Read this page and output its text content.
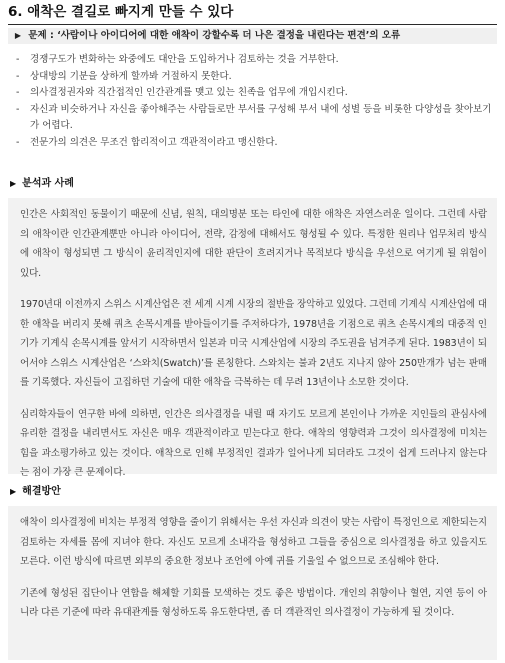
6. 애착은 결길로 빠지게 만들 수 있다
▶ 문제 : ‘사람이나 아이디어에 대한 애착이 강할수록 더 나은 결정을 내린다는 편견’의 오류
- 경쟁구도가 변화하는 와중에도 대안을 도입하거나 검토하는 것을 거부한다.
- 상대방의 기분을 상하게 할까봐 거절하지 못한다.
- 의사결정권자와 직간접적인 인간관계를 맺고 있는 친족을 업무에 개입시킨다.
- 자신과 비슷하거나 자신을 좋아해주는 사람들로만 부서를 구성해 부서 내에 성별 등을 비롯한 다양성을 찾아보기가 어렵다.
- 전문가의 의견은 무조건 합리적이고 객관적이라고 맹신한다.
▶ 분석과 사례

인간은 사회적인 동물이기 때문에 신념, 원칙, 대의명분 또는 타인에 대한 애착은 자연스러운 일이다. 그런데 사람의 애착이란 인간관계뿐만 아니라 아이디어, 전략, 감정에 대해서도 형성될 수 있다. 특정한 원리나 업무처리 방식에 애착이 형성되면 그 방식이 윤리적인지에 대한 판단이 흐려지거나 목적보다 방식을 우선으로 여기게 될 위험이 있다.

1970년대 이전까지 스위스 시계산업은 전 세계 시계 시장의 절반을 장악하고 있었다. 그런데 기계식 시계산업에 대한 애착을 버리지 못해 쿼츠 손목시계를 받아들이기를 주저하다가, 1978년을 기점으로 쿼츠 손목시계의 대중적 인기가 기계식 손목시계를 앞서기 시작하면서 일본과 미국 시계산업에 시장의 주도권을 넘겨주게 된다. 1983년이 되어서야 스위스 시계산업은 ‘스와치(Swatch)’를 론칭한다. 스와치는 불과 2년도 지나지 않아 250만개가 넘는 판매를 기록했다. 자신들이 고집하던 기술에 대한 애착을 극복하는 데 무려 13년이나 소모한 것이다.

심리학자들이 연구한 바에 의하면, 인간은 의사결정을 내릴 때 자기도 모르게 본인이나 가까운 지인들의 관심사에 유리한 결정을 내리면서도 자신은 매우 객관적이라고 믿는다고 한다. 애착의 영향력과 그것이 의사결정에 미치는 힘을 과소평가하고 있는 것이다. 애착으로 인해 부정적인 결과가 일어나게 되더라도 그것이 쉽게 드러나지 않는다는 점이 가장 큰 문제이다.

▶ 해결방안

애착이 의사결정에 비치는 부정적 영향을 줄이기 위해서는 우선 자신과 의견이 맞는 사람이 특정인으로 제한되는지 검토하는 자세를 몸에 지녀야 한다. 자신도 모르게 소내각을 형성하고 그들을 중심으로 의사결정을 하고 있을지도 모른다. 이런 방식에 따르면 외부의 중요한 정보나 조언에 아예 귀를 기울일 수 없으므로 조심해야 한다.

기존에 형성된 집단이나 연합을 해체할 기회를 모색하는 것도 좋은 방법이다. 개인의 취향이나 혈연, 지연 등이 아니라 다른 기준에 따라 유대관계를 형성하도록 유도한다면, 좀 더 객관적인 의사결정이 가능하게 될 것이다.
